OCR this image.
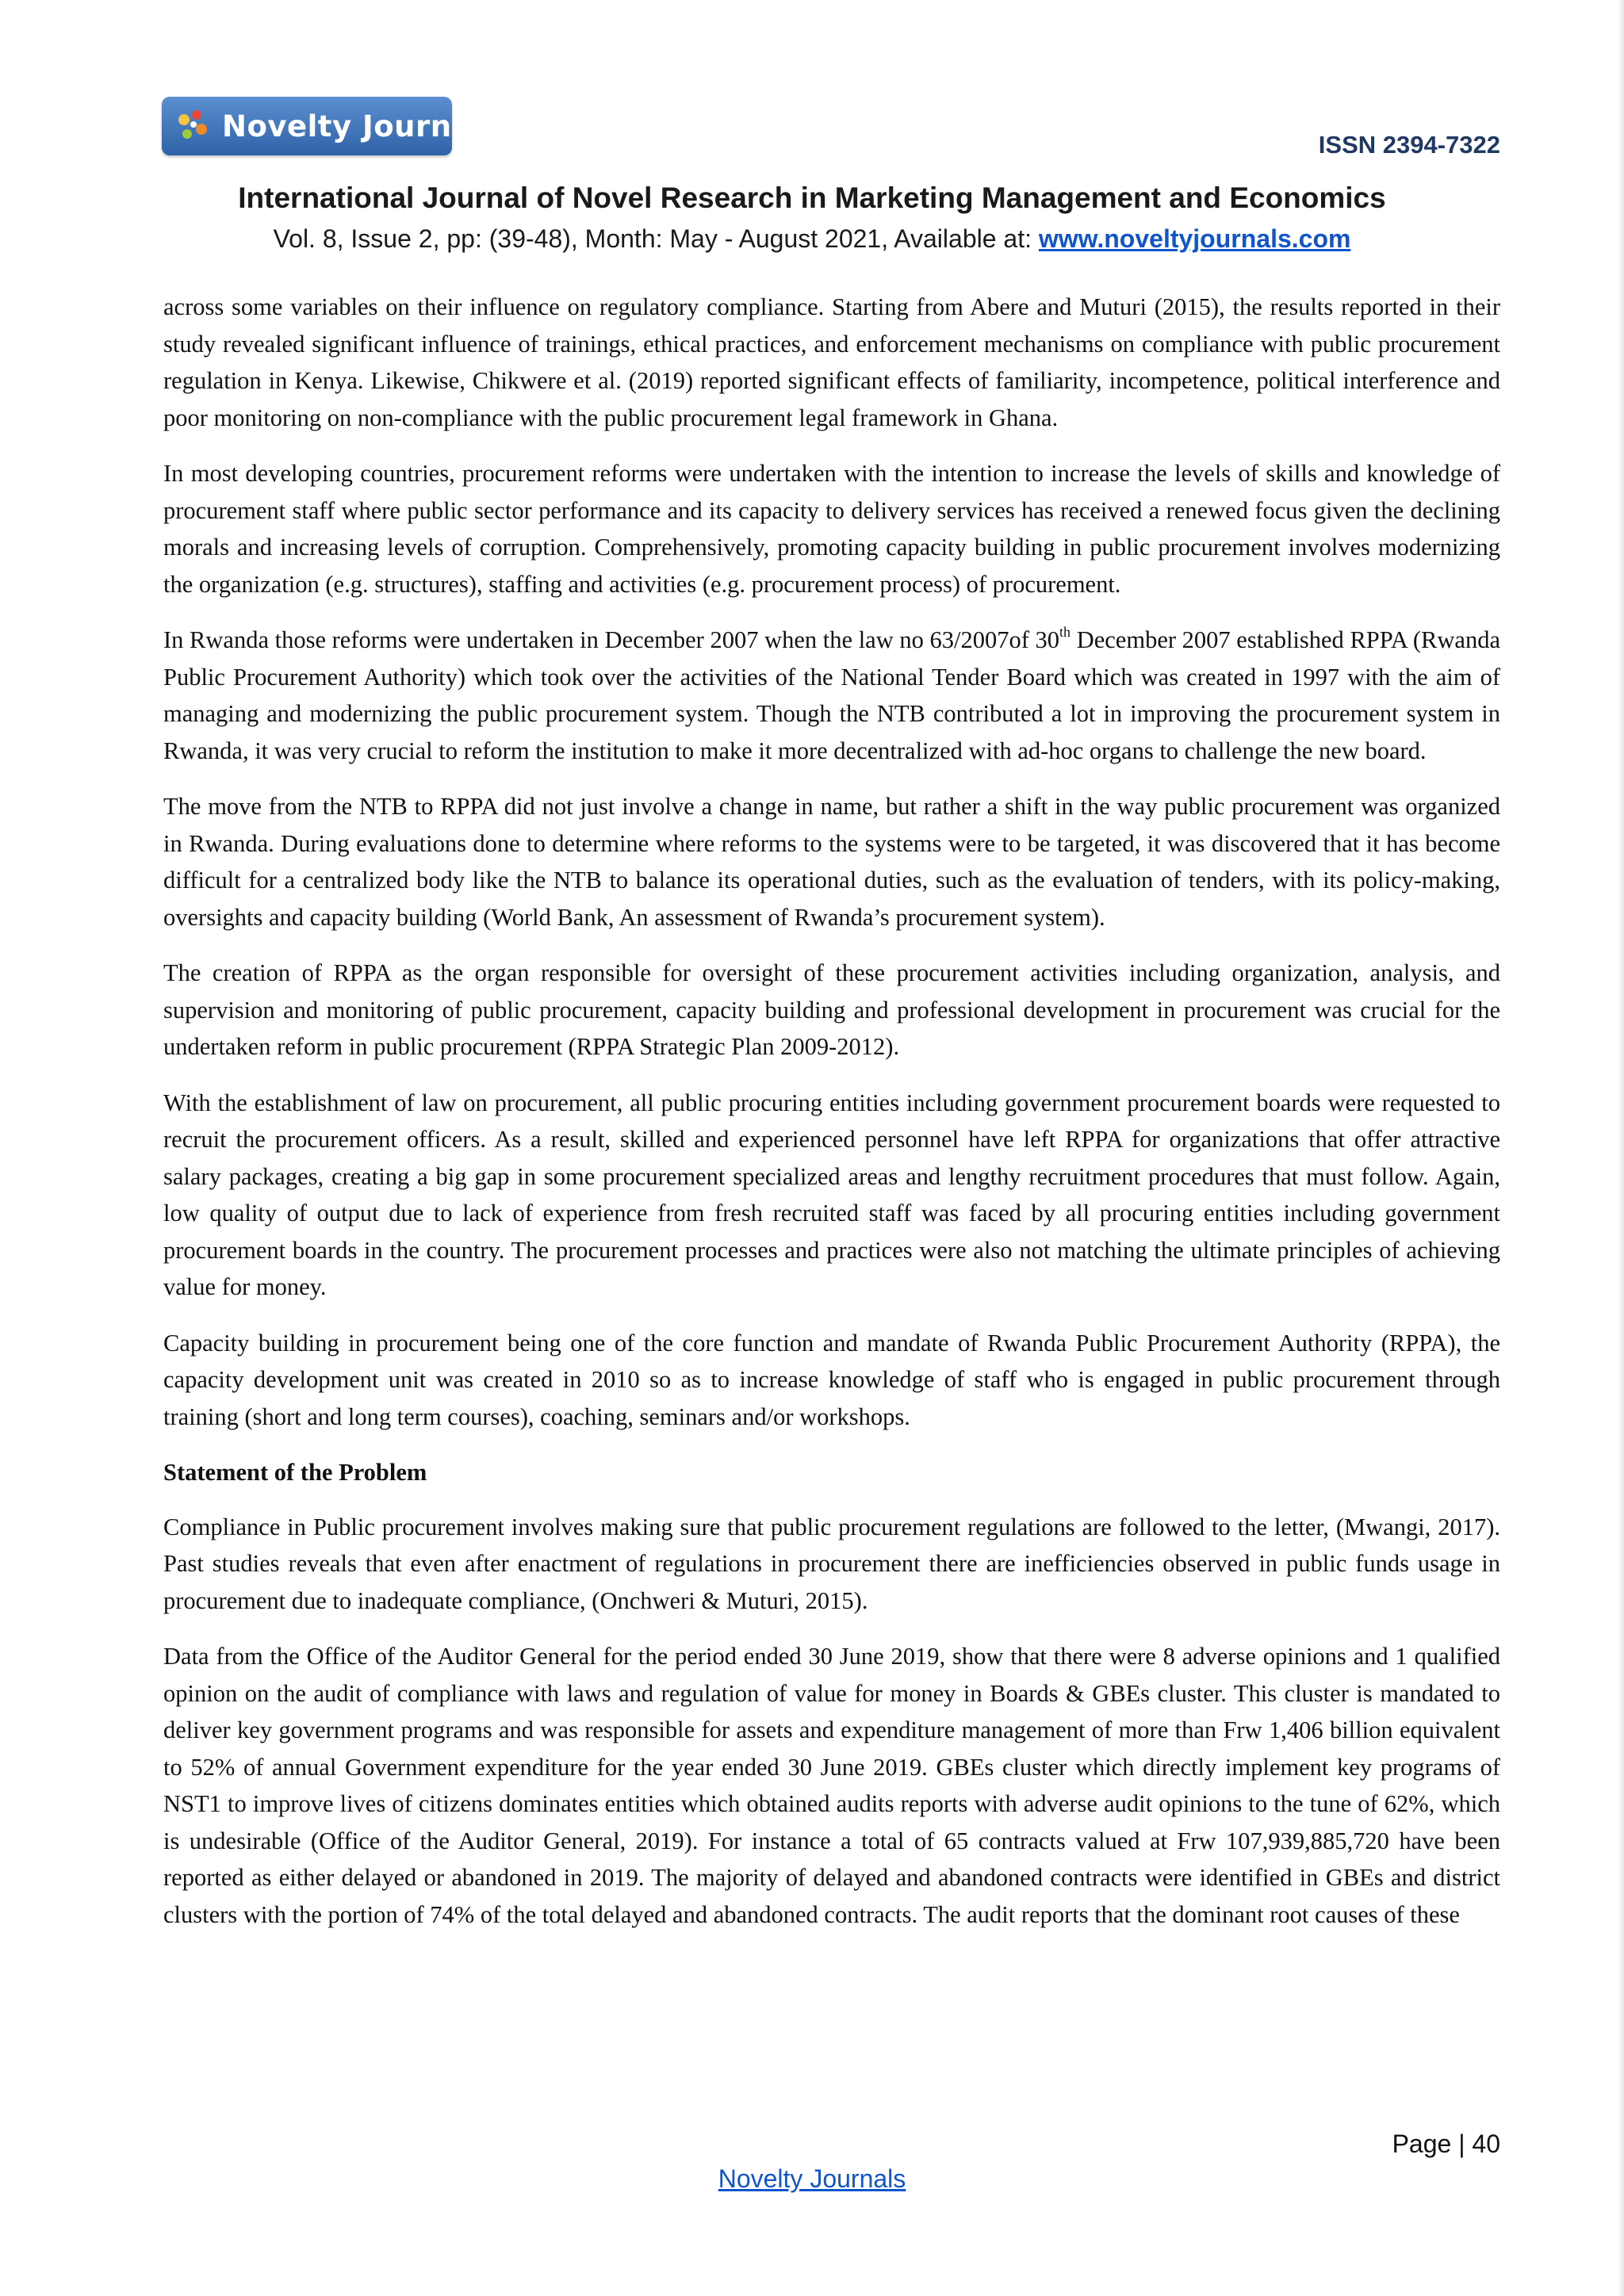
Novelty Journals
ISSN 2394-7322
International Journal of Novel Research in Marketing Management and Economics
Vol. 8, Issue 2, pp: (39-48), Month: May - August 2021, Available at: www.noveltyjournals.com

across some variables on their influence on regulatory compliance. Starting from Abere and Muturi (2015), the results reported in their study revealed significant influence of trainings, ethical practices, and enforcement mechanisms on compliance with public procurement regulation in Kenya. Likewise, Chikwere et al. (2019) reported significant effects of familiarity, incompetence, political interference and poor monitoring on non-compliance with the public procurement legal framework in Ghana.

In most developing countries, procurement reforms were undertaken with the intention to increase the levels of skills and knowledge of procurement staff where public sector performance and its capacity to delivery services has received a renewed focus given the declining morals and increasing levels of corruption. Comprehensively, promoting capacity building in public procurement involves modernizing the organization (e.g. structures), staffing and activities (e.g. procurement process) of procurement.

In Rwanda those reforms were undertaken in December 2007 when the law no 63/2007of 30th December 2007 established RPPA (Rwanda Public Procurement Authority) which took over the activities of the National Tender Board which was created in 1997 with the aim of managing and modernizing the public procurement system. Though the NTB contributed a lot in improving the procurement system in Rwanda, it was very crucial to reform the institution to make it more decentralized with ad-hoc organs to challenge the new board.

The move from the NTB to RPPA did not just involve a change in name, but rather a shift in the way public procurement was organized in Rwanda. During evaluations done to determine where reforms to the systems were to be targeted, it was discovered that it has become difficult for a centralized body like the NTB to balance its operational duties, such as the evaluation of tenders, with its policy-making, oversights and capacity building (World Bank, An assessment of Rwanda’s procurement system).

The creation of RPPA as the organ responsible for oversight of these procurement activities including organization, analysis, and supervision and monitoring of public procurement, capacity building and professional development in procurement was crucial for the undertaken reform in public procurement (RPPA Strategic Plan 2009-2012).

With the establishment of law on procurement, all public procuring entities including government procurement boards were requested to recruit the procurement officers. As a result, skilled and experienced personnel have left RPPA for organizations that offer attractive salary packages, creating a big gap in some procurement specialized areas and lengthy recruitment procedures that must follow. Again, low quality of output due to lack of experience from fresh recruited staff was faced by all procuring entities including government procurement boards in the country. The procurement processes and practices were also not matching the ultimate principles of achieving value for money.

Capacity building in procurement being one of the core function and mandate of Rwanda Public Procurement Authority (RPPA), the capacity development unit was created in 2010 so as to increase knowledge of staff who is engaged in public procurement through training (short and long term courses), coaching, seminars and/or workshops.

Statement of the Problem

Compliance in Public procurement involves making sure that public procurement regulations are followed to the letter, (Mwangi, 2017). Past studies reveals that even after enactment of regulations in procurement there are inefficiencies observed in public funds usage in procurement due to inadequate compliance, (Onchweri & Muturi, 2015).

Data from the Office of the Auditor General for the period ended 30 June 2019, show that there were 8 adverse opinions and 1 qualified opinion on the audit of compliance with laws and regulation of value for money in Boards & GBEs cluster. This cluster is mandated to deliver key government programs and was responsible for assets and expenditure management of more than Frw 1,406 billion equivalent to 52% of annual Government expenditure for the year ended 30 June 2019. GBEs cluster which directly implement key programs of NST1 to improve lives of citizens dominates entities which obtained audits reports with adverse audit opinions to the tune of 62%, which is undesirable (Office of the Auditor General, 2019). For instance a total of 65 contracts valued at Frw 107,939,885,720 have been reported as either delayed or abandoned in 2019. The majority of delayed and abandoned contracts were identified in GBEs and district clusters with the portion of 74% of the total delayed and abandoned contracts. The audit reports that the dominant root causes of these

Page | 40
Novelty Journals
